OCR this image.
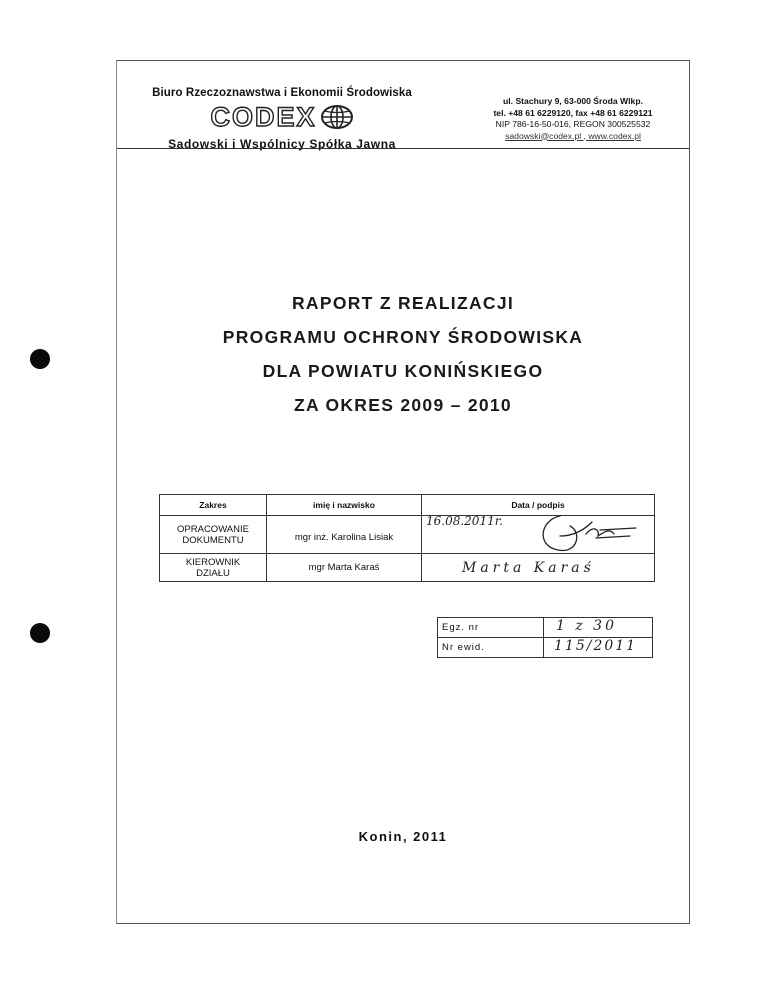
Biuro Rzeczoznawstwa i Ekonomii Środowiska
CODEX
Sadowski i Wspólnicy Spółka Jawna
ul. Stachury 9, 63-000 Środa Wlkp.
tel. +48 61 6229120, fax +48 61 6229121
NIP 786-16-50-016, REGON 300525532
sadowski@codex.pl , www.codex.pl
RAPORT Z REALIZACJI
PROGRAMU OCHRONY ŚRODOWISKA
DLA POWIATU KONIŃSKIEGO
ZA OKRES 2009 – 2010
Zakres	imię i nazwisko	Data / podpis

OPRACOWANIE
DOKUMENTU	mgr inż. Karolina Lisiak	16.08.2011r.

KIEROWNIK
DZIAŁU	mgr Marta Karaś	Marta Karaś
Egz. nr	1 z 30

Nr ewid.	115/2011
Konin, 2011
